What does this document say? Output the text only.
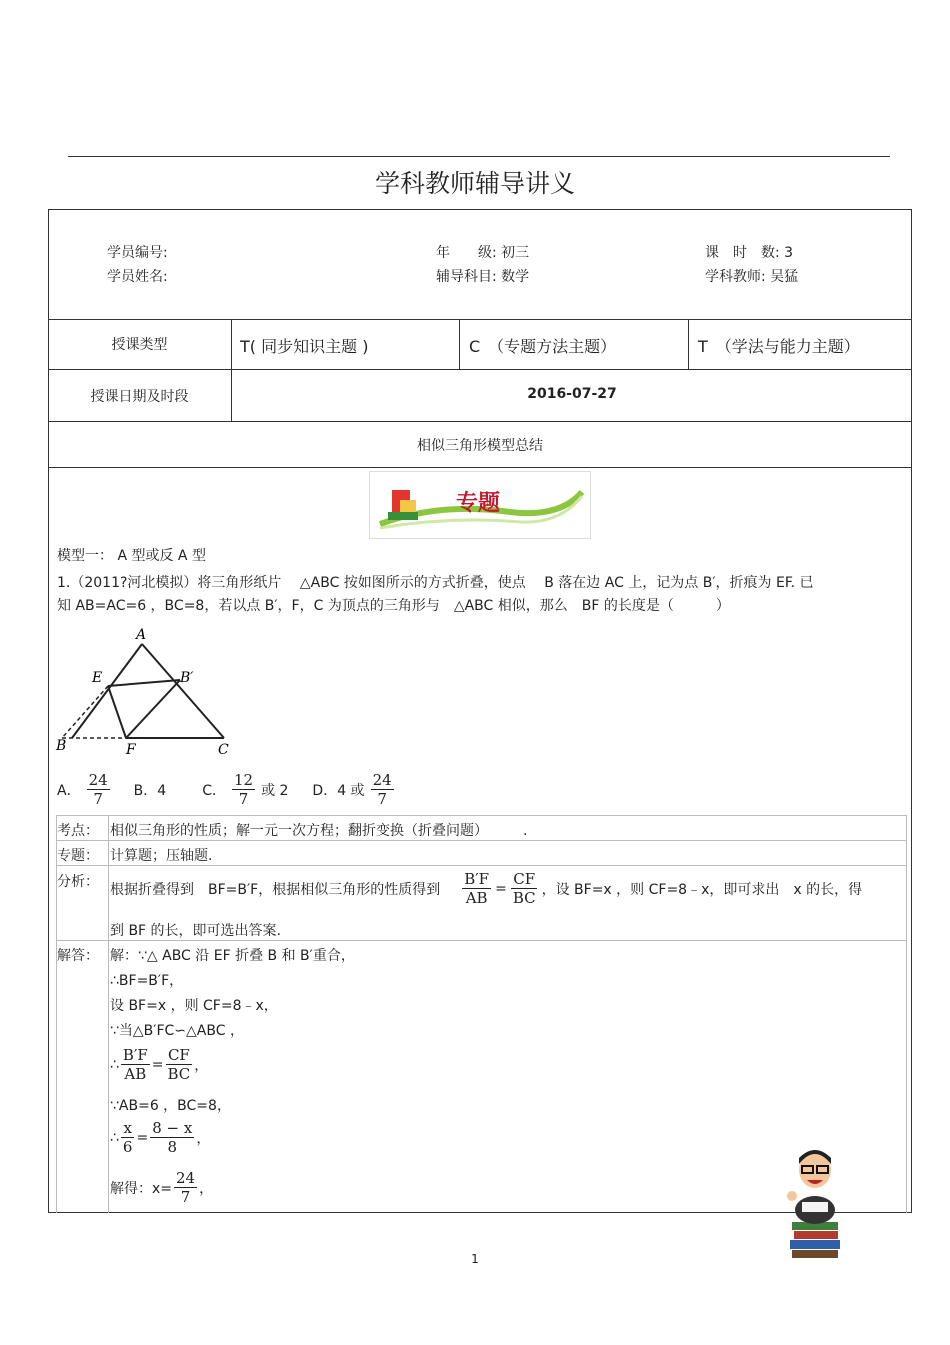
学科教师辅导讲义
学员编号:	年　　级: 初三	课　时　数: 3
学员姓名:	辅导科目: 数学	学科教师: 吴猛
授课类型	T( 同步知识主题 )	C　（专题方法主题）	T　（学法与能力主题）
授课日期及时段	2016-07-27
相似三角形模型总结
专题
模型一： A 型或反 A 型
1.（2011?河北模拟）将三角形纸片　 △ABC 按如图所示的方式折叠，使点　 B 落在边 AC 上，记为点 B′，折痕为 EF. 已
知 AB=AC=6 ，BC=8，若以点 B′，F，C 为顶点的三角形与　△ABC 相似，那么　BF 的长度是（　　　）
A
E	B′
B	F	C
A． $\frac{24}{7}$ B．4	C． $\frac{12}{7}$ 或 2 D．4 或 $\frac{24}{7}$
考点： 相似三角形的性质；解一元一次方程；翻折变换（折叠问题）　　　.
专题： 计算题；压轴题.
分析： 根据折叠得到　BF=B′F，根据相似三角形的性质得到 $\frac{B'F}{AB} = \frac{CF}{BC}$ ，设 BF=x ，则 CF=8﹣x，即可求出　x 的长，得
到 BF 的长，即可选出答案.
解答： 解：∵△ ABC 沿 EF 折叠 B 和 B′重合，
∴BF=B′F，
设 BF=x ，则 CF=8﹣x，
∵当△B′FC∽△ABC ，
∴ $\frac{B'F}{AB} = \frac{CF}{BC}$ ，
∵AB=6 ，BC=8，
∴ $\frac{x}{6} = \frac{8 - x}{8}$ ，
解得：$x= \frac{24}{7}$ ，
1
